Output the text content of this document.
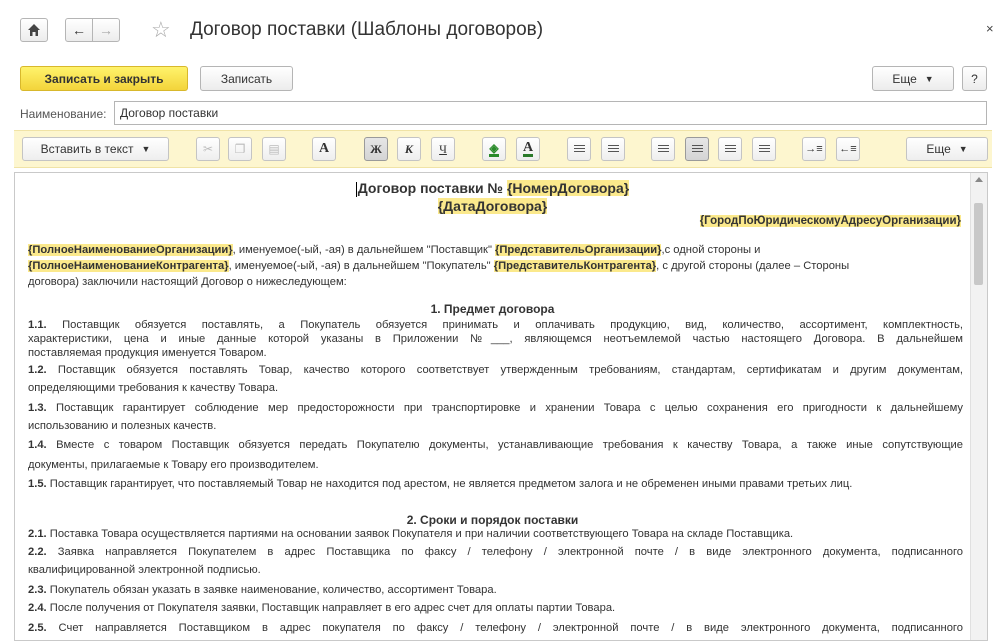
← → ☆ Договор поставки (Шаблоны договоров)	×
Записать и закрыть	Записать	Еще ▼	?
Наименование:	Договор поставки
Вставить в текст ▼	✂ ❐ ▤	A	Ж К Ч	◈ A	→≡ ←≡	Еще ▼
Договор поставки № {НомерДоговора}
{ДатаДоговора}
{ГородПоЮридическомуАдресуОрганизации}
{ПолноеНаименованиеОрганизации}, именуемое(-ый, -ая) в дальнейшем "Поставщик" {ПредставительОрганизации},с одной стороны и
{ПолноеНаименованиеКонтрагента}, именуемое(-ый, -ая) в дальнейшем "Покупатель" {ПредставительКонтрагента}, с другой стороны (далее – Стороны
договора) заключили настоящий Договор о нижеследующем:
1. Предмет договора
1.1. Поставщик обязуется поставлять, а Покупатель обязуется принимать и оплачивать продукцию, вид, количество, ассортимент, комплектность,
характеристики, цена и иные данные которой указаны в Приложении №___, являющемся неотъемлемой частью настоящего Договора. В дальнейшем
поставляемая продукция именуется Товаром.
1.2. Поставщик обязуется поставлять Товар, качество которого соответствует утвержденным требованиям, стандартам, сертификатам и другим документам,
определяющими требования к качеству Товара.
1.3. Поставщик гарантирует соблюдение мер предосторожности при транспортировке и хранении Товара с целью сохранения его пригодности к дальнейшему
использованию и полезных качеств.
1.4. Вместе с товаром Поставщик обязуется передать Покупателю документы, устанавливающие требования к качеству Товара, а также иные сопутствующие
документы, прилагаемые к Товару его производителем.
1.5. Поставщик гарантирует, что поставляемый Товар не находится под арестом, не является предметом залога и не обременен иными правами третьих лиц.
2. Сроки и порядок поставки
2.1. Поставка Товара осуществляется партиями на основании заявок Покупателя и при наличии соответствующего Товара на складе Поставщика.
2.2. Заявка направляется Покупателем в адрес Поставщика по факсу / телефону / электронной почте / в виде электронного документа, подписанного
квалифицированной электронной подписью.
2.3. Покупатель обязан указать в заявке наименование, количество, ассортимент Товара.
2.4. После получения от Покупателя заявки, Поставщик направляет в его адрес счет для оплаты партии Товара.
2.5. Счет направляется Поставщиком в адрес покупателя по факсу / телефону / электронной почте / в виде электронного документа, подписанного
